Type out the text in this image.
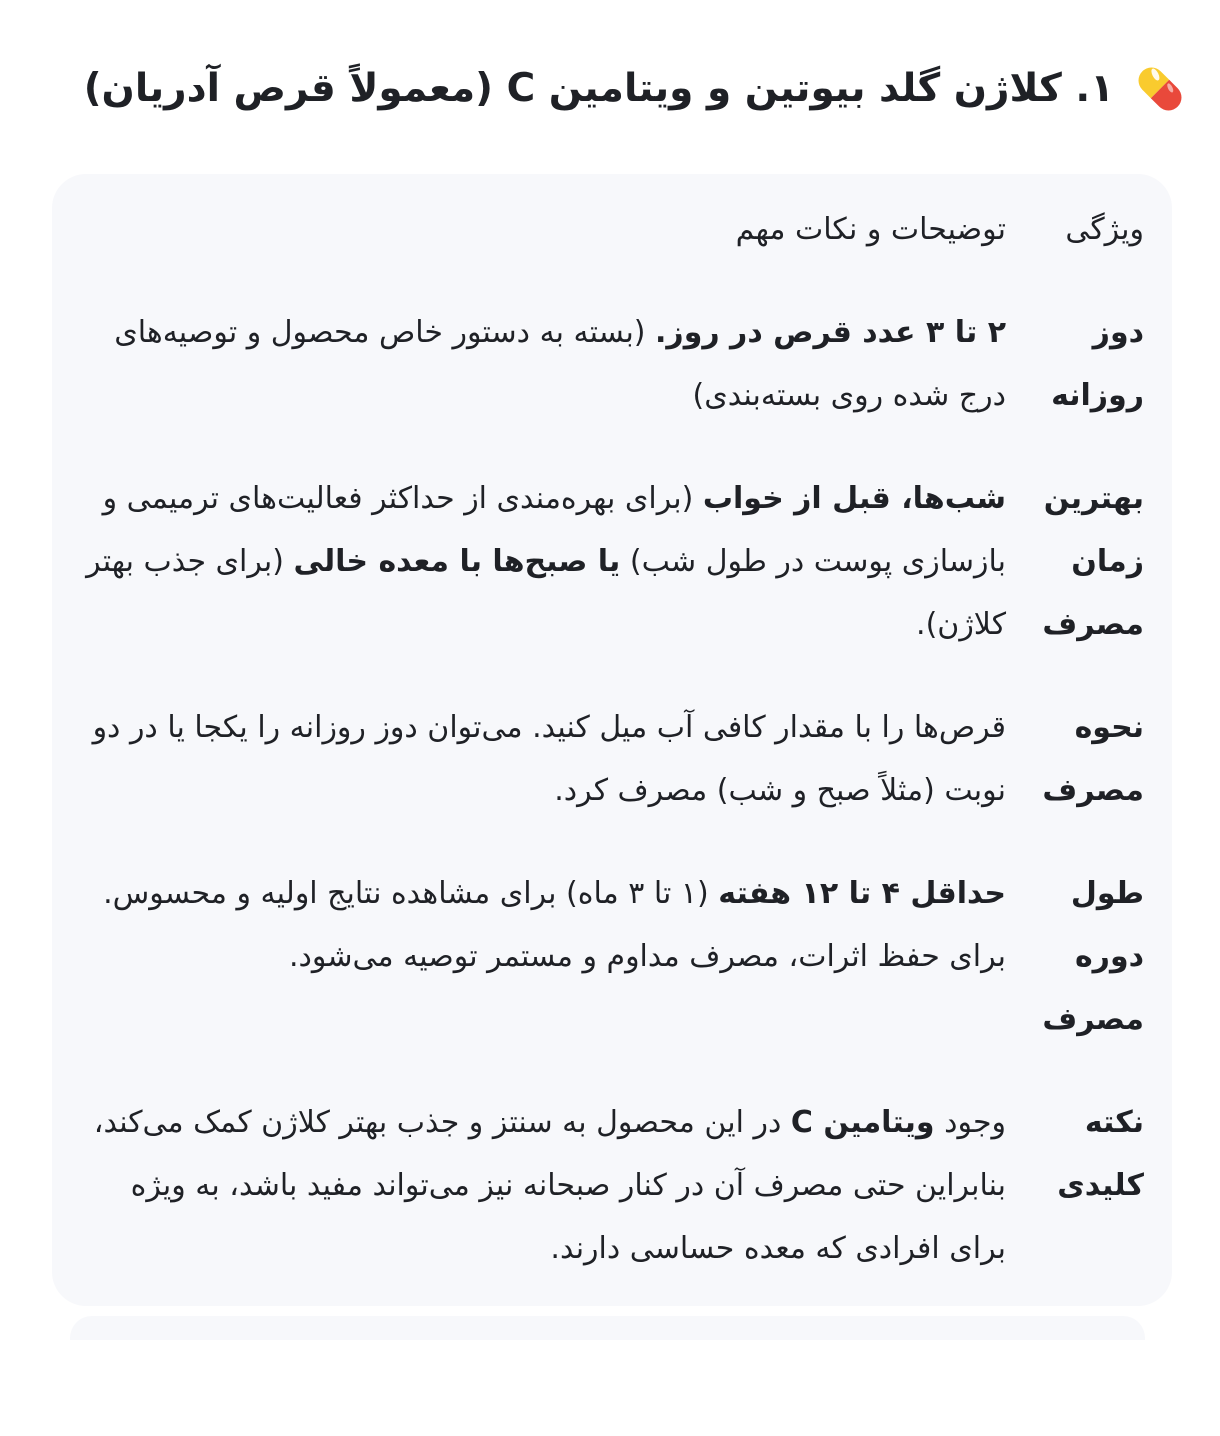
۱. کلاژن گلد بیوتین و ویتامین C (معمولاً قرص آدریان)
ویژگی
توضیحات و نکات مهم
دوز روزانه
۲ تا ۳ عدد قرص در روز. (بسته به دستور خاص محصول و توصیه‌های درج شده روی بسته‌بندی)
بهترین زمان مصرف
شب‌ها، قبل از خواب (برای بهره‌مندی از حداکثر فعالیت‌های ترمیمی و بازسازی پوست در طول شب) یا صبح‌ها با معده خالی (برای جذب بهتر کلاژن).
نحوه مصرف
قرص‌ها را با مقدار کافی آب میل کنید. می‌توان دوز روزانه را یکجا یا در دو نوبت (مثلاً صبح و شب) مصرف کرد.
طول دوره مصرف
حداقل ۴ تا ۱۲ هفته (۱ تا ۳ ماه) برای مشاهده نتایج اولیه و محسوس. برای حفظ اثرات، مصرف مداوم و مستمر توصیه می‌شود.
نکته کلیدی
وجود ویتامین C در این محصول به سنتز و جذب بهتر کلاژن کمک می‌کند، بنابراین حتی مصرف آن در کنار صبحانه نیز می‌تواند مفید باشد، به ویژه برای افرادی که معده حساسی دارند.
